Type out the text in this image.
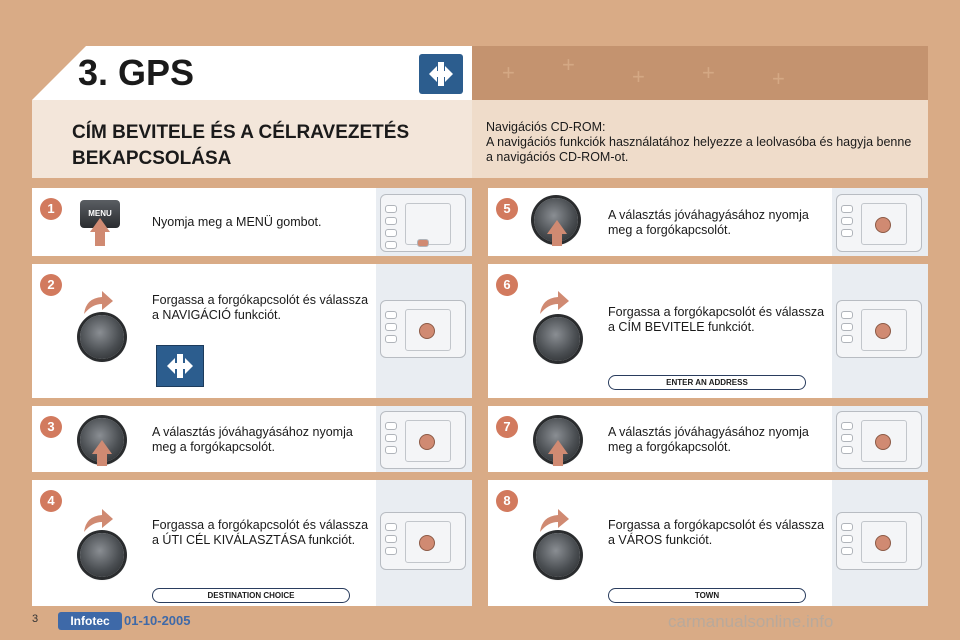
3. GPS	+ +	+	+	+
CÍM BEVITELE ÉS A CÉLRAVEZETÉS
BEKAPCSOLÁSA
Navigációs CD-ROM:
A navigációs funkciók használatához helyezze a leolvasóba és hagyja benne
a navigációs CD-ROM-ot.
1	MENU
Nyomja meg a MENÜ gombot.
2
Forgassa a forgókapcsolót és válassza
a NAVIGÁCIÓ funkciót.
3	A választás jóváhagyásához nyomja
meg a forgókapcsolót.
4
Forgassa a forgókapcsolót és válassza
a ÚTI CÉL KIVÁLASZTÁSA funkciót.
DESTINATION CHOICE
5	A választás jóváhagyásához nyomja
meg a forgókapcsolót.
6
Forgassa a forgókapcsolót és válassza
a CÍM BEVITELE funkciót.
ENTER AN ADDRESS
7	A választás jóváhagyásához nyomja
meg a forgókapcsolót.
8
Forgassa a forgókapcsolót és válassza
a VÁROS funkciót.
TOWN
3	Infotec	01-10-2005	carmanualsonline.info
